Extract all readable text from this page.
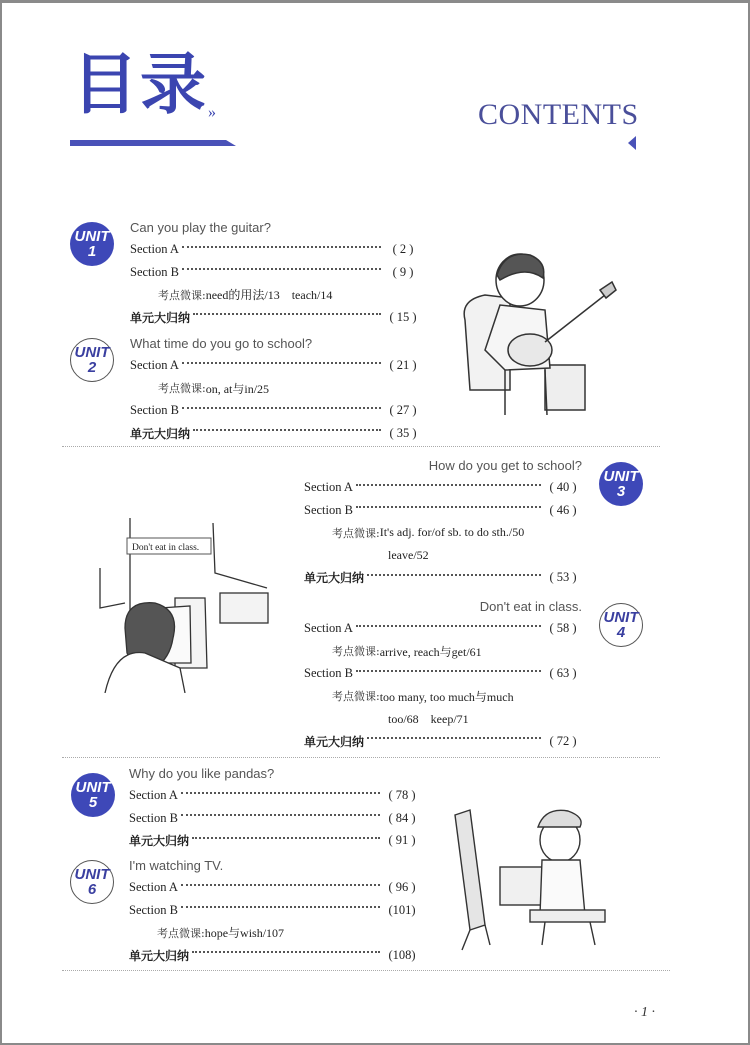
目录 »	CONTENTS
UNIT
1
UNIT
2
UNIT
3
UNIT
4
UNIT
5
UNIT
6
Can you play the guitar?
Section A	( 2 )
Section B	( 9 )
考点微课: need的用法/13　teach/14
单元大归纳	( 15 )
What time do you go to school?
Section A	( 21 )
考点微课: on, at与in/25
Section B	( 27 )
单元大归纳	( 35 )
How do you get to school?
Section A	( 40 )
Section B	( 46 )
考点微课: It's adj. for/of sb. to do sth./50
leave/52
单元大归纳	( 53 )
Don't eat in class.
Section A	( 58 )
考点微课: arrive, reach与get/61
Section B	( 63 )
考点微课: too many, too much与much
too/68　keep/71
单元大归纳	( 72 )
Why do you like pandas?
Section A	( 78 )
Section B	( 84 )
单元大归纳	( 91 )
I'm watching TV.
Section A	( 96 )
Section B	(101)
考点微课: hope与wish/107
单元大归纳	(108)
Don't eat in class.
· 1 ·
